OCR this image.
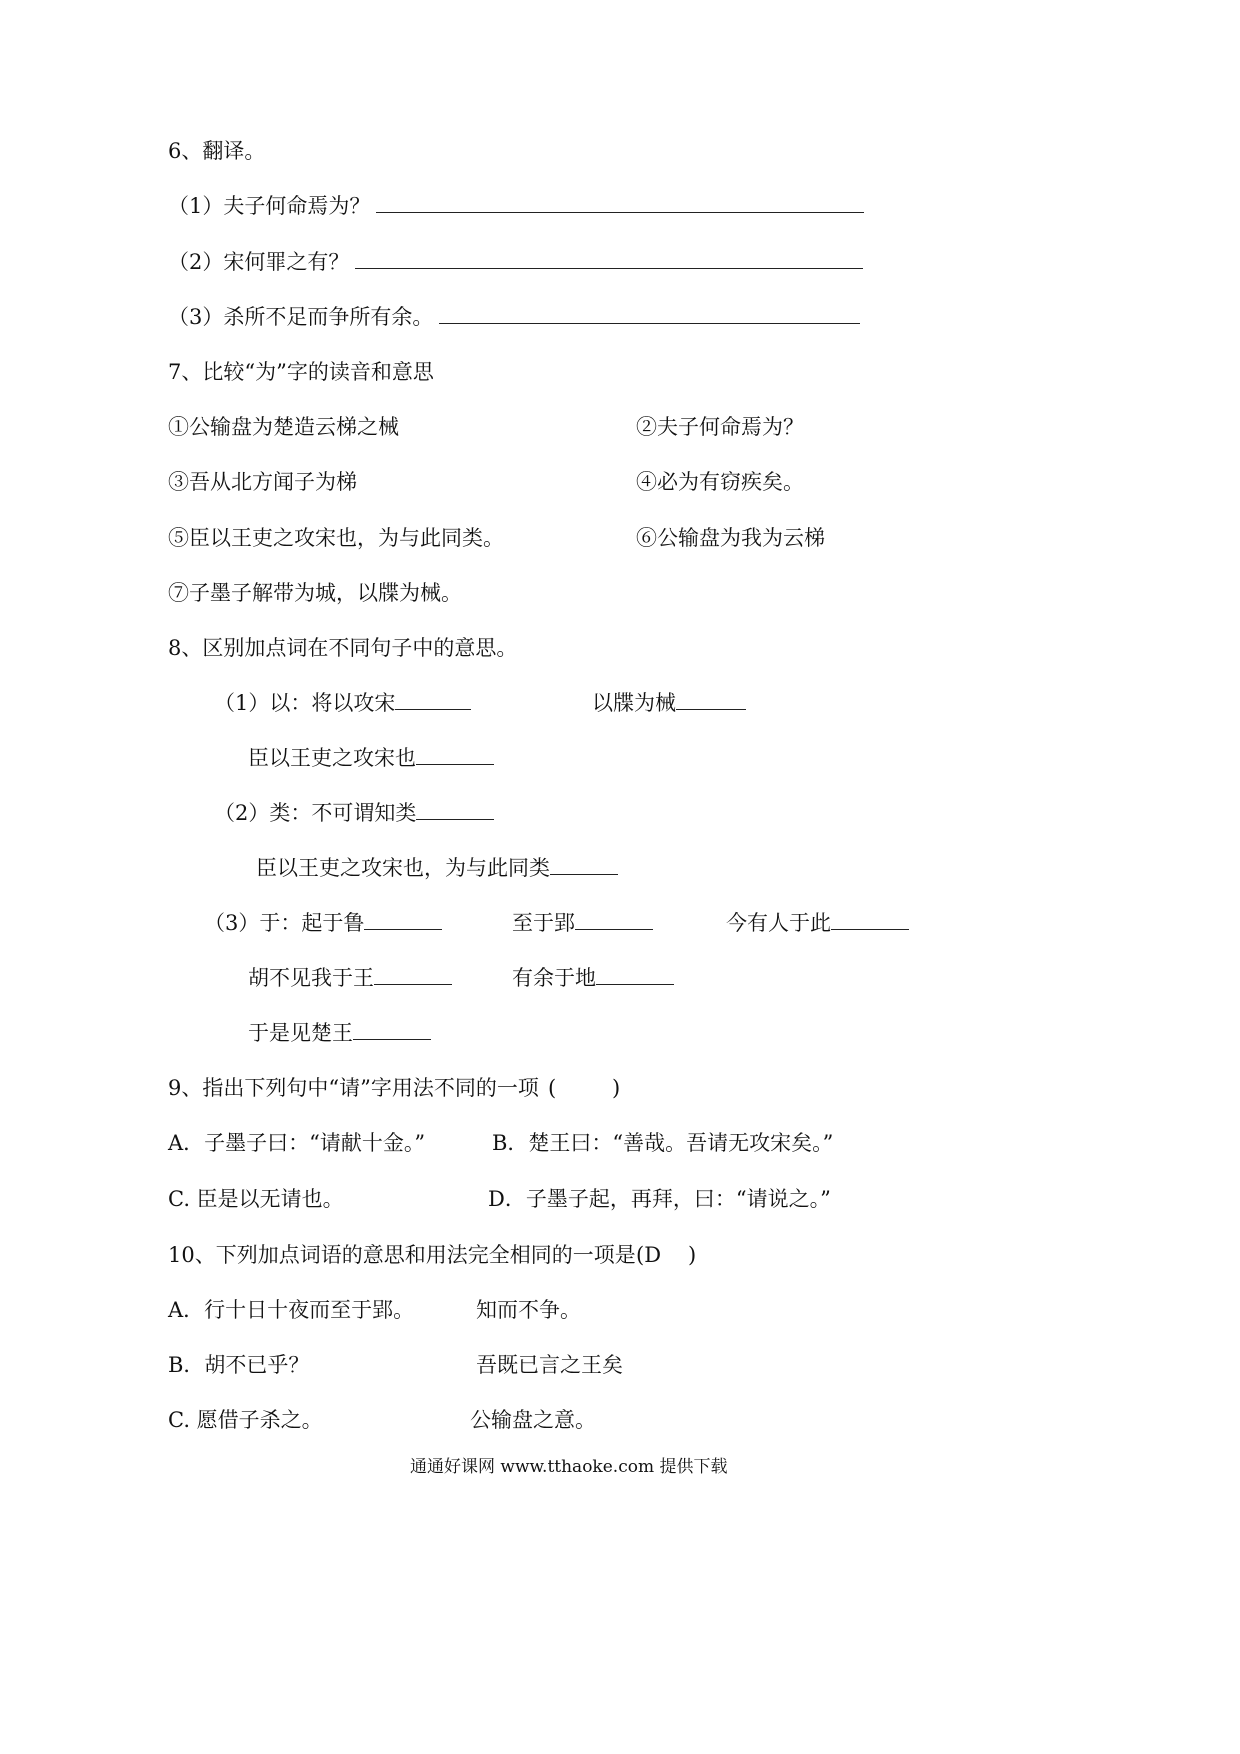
6、翻译。
（1）夫子何命焉为？
（2）宋何罪之有？
（3）杀所不足而争所有余。
7、比较“为”字的读音和意思
①公输盘为楚造云梯之械	②夫子何命焉为？
③吾从北方闻子为梯	④必为有窃疾矣。
⑤臣以王吏之攻宋也，为与此同类。	⑥公输盘为我为云梯
⑦子墨子解带为城，以牒为械。
8、区别加点词在不同句子中的意思。
（1）以：将以攻宋	以牒为械
臣以王吏之攻宋也
（2）类：不可谓知类
臣以王吏之攻宋也，为与此同类
（3）于：起于鲁	至于郢	今有人于此
胡不见我于王	有余于地
于是见楚王
9、指出下列句中“请”字用法不同的一项 (	)
A．子墨子曰：“请献十金。”	B．楚王曰：“善哉。吾请无攻宋矣。”
C. 臣是以无请也。	D．子墨子起，再拜，曰：“请说之。”
10、下列加点词语的意思和用法完全相同的一项是 (D )
A．行十日十夜而至于郢。	知而不争。
B．胡不已乎？	吾既已言之王矣
C. 愿借子杀之。	公输盘之意。
通通好课网 www.tthaoke.com 提供下载
